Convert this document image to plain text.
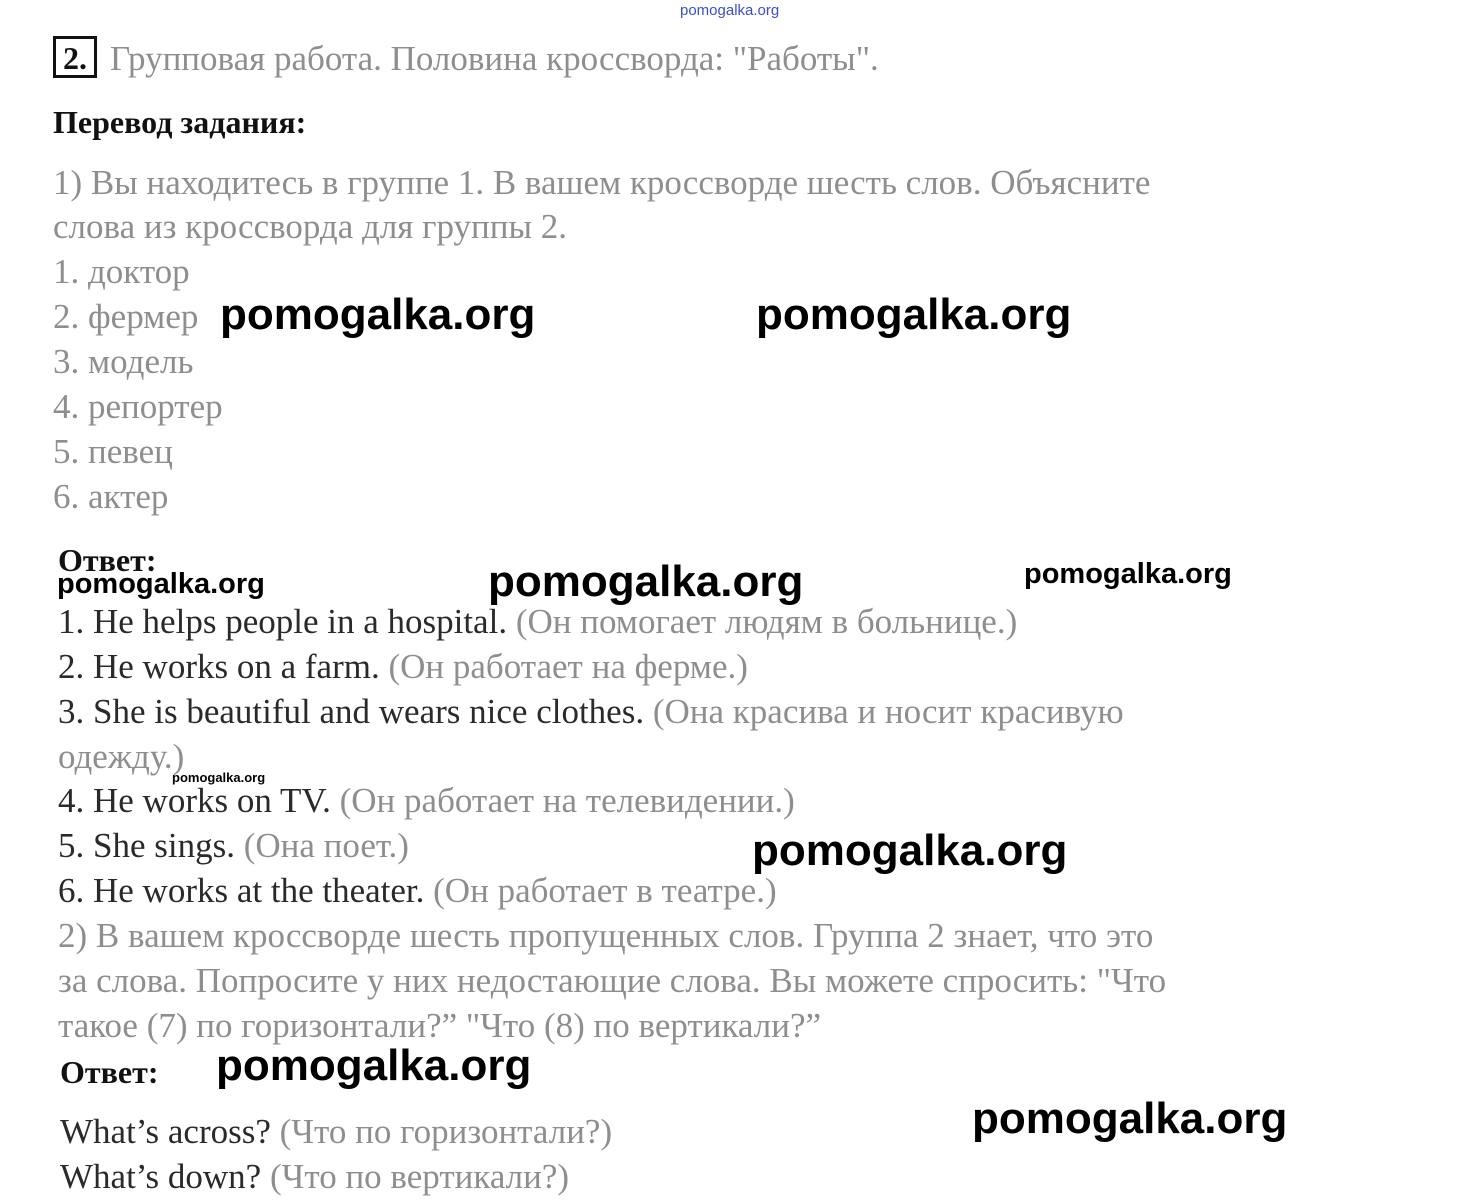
pomogalka.org
2. Групповая работа. Половина кроссворда: "Работы".
Перевод задания:
1) Вы находитесь в группе 1. В вашем кроссворде шесть слов. Объясните
слова из кроссворда для группы 2.
1. доктор
2. фермер
3. модель
4. репортер
5. певец
6. актер
Ответ:
1. He helps people in a hospital. (Он помогает людям в больнице.)
2. He works on a farm. (Он работает на ферме.)
3. She is beautiful and wears nice clothes. (Она красива и носит красивую
одежду.)
4. He works on TV. (Он работает на телевидении.)
5. She sings. (Она поет.)
6. He works at the theater. (Он работает в театре.)
2) В вашем кроссворде шесть пропущенных слов. Группа 2 знает, что это
за слова. Попросите у них недостающие слова. Вы можете спросить: "Что
такое (7) по горизонтали?” "Что (8) по вертикали?”
Ответ:
What’s across? (Что по горизонтали?)
What’s down? (Что по вертикали?)
pomogalka.org	pomogalka.org
pomogalka.org	pomogalka.org	pomogalka.org
pomogalka.org
pomogalka.org
pomogalka.org
pomogalka.org
